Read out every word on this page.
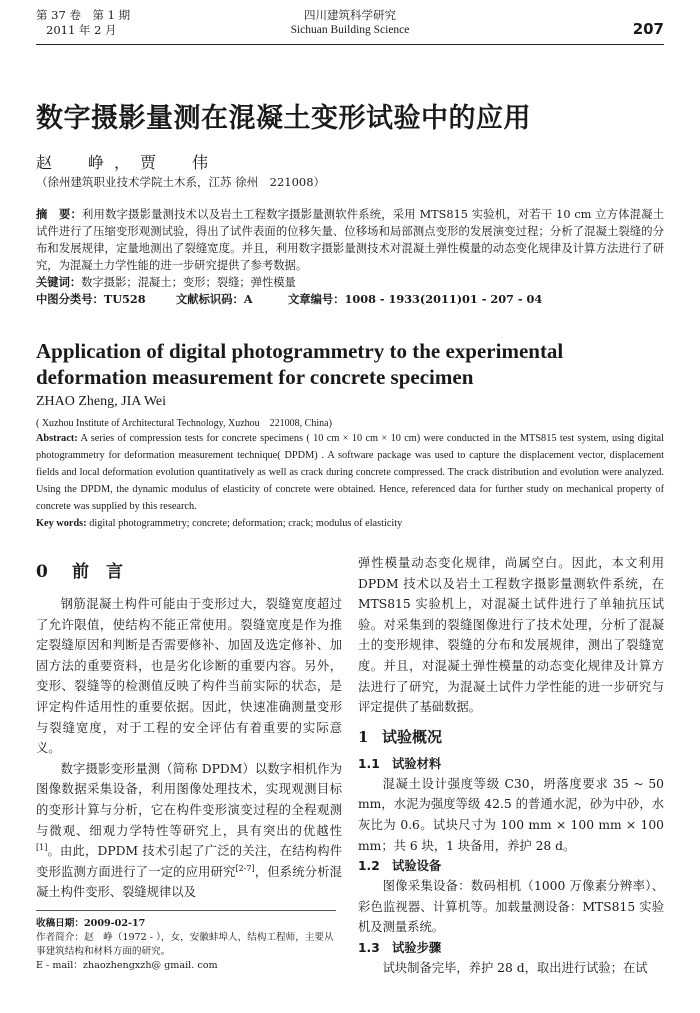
第 37 卷　第 1 期
2011 年 2 月
四川建筑科学研究
Sichuan Building Science	207
数字摄影量测在混凝土变形试验中的应用
赵　峥，贾　伟
（徐州建筑职业技术学院土木系，江苏 徐州　221008）
摘　要：利用数字摄影量测技术以及岩土工程数字摄影量测软件系统，采用 MTS815 实验机，对若干 10 cm 立方体混凝土试件进行了压缩变形观测试验，得出了试件表面的位移矢量、位移场和局部测点变形的发展演变过程；分析了混凝土裂缝的分布和发展规律，定量地测出了裂缝宽度。并且，利用数字摄影量测技术对混凝土弹性模量的动态变化规律及计算方法进行了研究，为混凝土力学性能的进一步研究提供了参考数据。
关键词：数字摄影；混凝土；变形；裂缝；弹性模量
中图分类号：TU528	文献标识码：A	文章编号：1008 - 1933(2011)01 - 207 - 04
Application of digital photogrammetry to the experimental deformation measurement for concrete specimen
ZHAO Zheng, JIA Wei
( Xuzhou Institute of Architectural Technology, Xuzhou　221008, China)
Abstract: A series of compression tests for concrete specimens ( 10 cm × 10 cm × 10 cm) were conducted in the MTS815 test system, using digital photogrammetry for deformation measurement technique( DPDM) . A software package was used to capture the displacement vector, displacement fields and local deformation evolution quantitatively as well as crack during concrete compressed. The crack distribution and evolution were analyzed. Using the DPDM, the dynamic modulus of elasticity of concrete were obtained. Hence, referenced data for further study on mechanical property of concrete was supplied by this research.
Key words: digital photogrammetry; concrete; deformation; crack; modulus of elasticity
0 前　言

钢筋混凝土构件可能由于变形过大，裂缝宽度超过了允许限值，使结构不能正常使用。裂缝宽度是作为推定裂缝原因和判断是否需要修补、加固及选定修补、加固方法的重要资料，也是劣化诊断的重要内容。另外，变形、裂缝等的检测值反映了构件当前实际的状态，是评定构件适用性的重要依据。因此，快速准确测量变形与裂缝宽度，对于工程的安全评估有着重要的实际意义。

数字摄影变形量测（简称 DPDM）以数字相机作为图像数据采集设备，利用图像处理技术，实现观测目标的变形计算与分析，它在构件变形演变过程的全程观测与微观、细观力学特性等研究上，具有突出的优越性[1]。由此，DPDM 技术引起了广泛的关注，在结构构件变形监测方面进行了一定的应用研究[2-7]，但系统分析混凝土构件变形、裂缝规律以及

收稿日期：2009-02-17
作者简介：赵　峥（1972 - ），女，安徽蚌埠人，结构工程师，主要从事建筑结构和材料方面的研究。
E - mail：zhaozhengxzh@ gmail. com

弹性模量动态变化规律，尚属空白。因此，本文利用 DPDM 技术以及岩土工程数字摄影量测软件系统，在 MTS815 实验机上，对混凝土试件进行了单轴抗压试验。对采集到的裂缝图像进行了技术处理，分析了混凝土的变形规律、裂缝的分布和发展规律，测出了裂缝宽度。并且，对混凝土弹性模量的动态变化规律及计算方法进行了研究，为混凝土试件力学性能的进一步研究与评定提供了基础数据。

1 试验概况
1.1 试验材料

混凝土设计强度等级 C30，坍落度要求 35 ~ 50 mm，水泥为强度等级 42.5 的普通水泥，砂为中砂，水灰比为 0.6。试块尺寸为 100 mm × 100 mm × 100 mm；共 6 块，1 块备用，养护 28 d。

1.2 试验设备

图像采集设备：数码相机（1000 万像素分辨率）、彩色监视器、计算机等。加载量测设备：MTS815 实验机及测量系统。

1.3 试验步骤

试块制备完毕，养护 28 d，取出进行试验；在试
